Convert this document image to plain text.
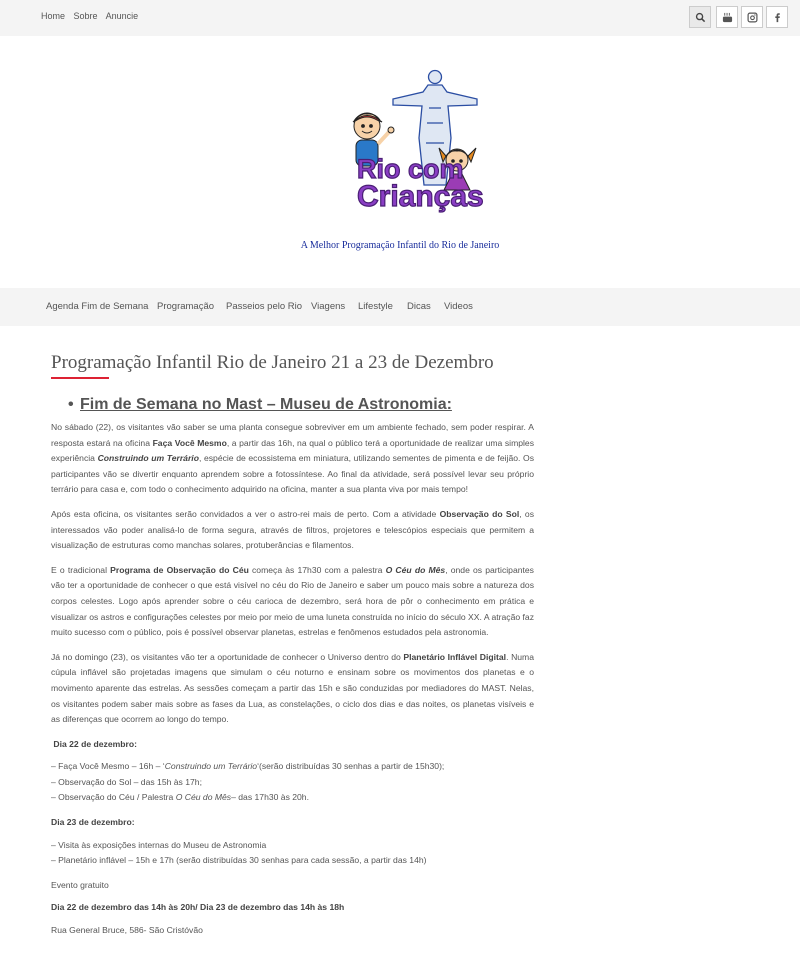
Home Sobre Anuncie
Rio com
Crianças
A Melhor Programação Infantil do Rio de Janeiro
Agenda Fim de Semana Programação Passeios pelo Rio Viagens Lifestyle Dicas Videos
Programação Infantil Rio de Janeiro 21 a 23 de Dezembro
• Fim de Semana no Mast – Museu de Astronomia:

No sábado (22), os visitantes vão saber se uma planta consegue sobreviver em um ambiente fechado, sem poder respirar. A resposta estará na oficina Faça Você Mesmo, a partir das 16h, na qual o público terá a oportunidade de realizar uma simples experiência Construindo um Terrário, espécie de ecossistema em miniatura, utilizando sementes de pimenta e de feijão. Os participantes vão se divertir enquanto aprendem sobre a fotossíntese. Ao final da atividade, será possível levar seu próprio terrário para casa e, com todo o conhecimento adquirido na oficina, manter a sua planta viva por mais tempo!

Após esta oficina, os visitantes serão convidados a ver o astro-rei mais de perto. Com a atividade Observação do Sol, os interessados vão poder analisá-lo de forma segura, através de filtros, projetores e telescópios especiais que permitem a visualização de estruturas como manchas solares, protuberâncias e filamentos.

E o tradicional Programa de Observação do Céu começa às 17h30 com a palestra O Céu do Mês, onde os participantes vão ter a oportunidade de conhecer o que está visível no céu do Rio de Janeiro e saber um pouco mais sobre a natureza dos corpos celestes. Logo após aprender sobre o céu carioca de dezembro, será hora de pôr o conhecimento em prática e visualizar os astros e configurações celestes por meio por meio de uma luneta construída no início do século XX. A atração faz muito sucesso com o público, pois é possível observar planetas, estrelas e fenômenos estudados pela astronomia.

Já no domingo (23), os visitantes vão ter a oportunidade de conhecer o Universo dentro do Planetário Inflável Digital. Numa cúpula inflável são projetadas imagens que simulam o céu noturno e ensinam sobre os movimentos dos planetas e o movimento aparente das estrelas. As sessões começam a partir das 15h e são conduzidas por mediadores do MAST. Nelas, os visitantes podem saber mais sobre as fases da Lua, as constelações, o ciclo dos dias e das noites, os planetas visíveis e as diferenças que ocorrem ao longo do tempo.

Dia 22 de dezembro:

– Faça Você Mesmo – 16h – ‘Construindo um Terrário‘(serão distribuídas 30 senhas a partir de 15h30);
– Observação do Sol – das 15h às 17h;
– Observação do Céu / Palestra O Céu do Mês– das 17h30 às 20h.

Dia 23 de dezembro:

– Visita às exposições internas do Museu de Astronomia
– Planetário inflável – 15h e 17h (serão distribuídas 30 senhas para cada sessão, a partir das 14h)

Evento gratuito

Dia 22 de dezembro das 14h às 20h/ Dia 23 de dezembro das 14h às 18h

Rua General Bruce, 586- São Cristóvão
